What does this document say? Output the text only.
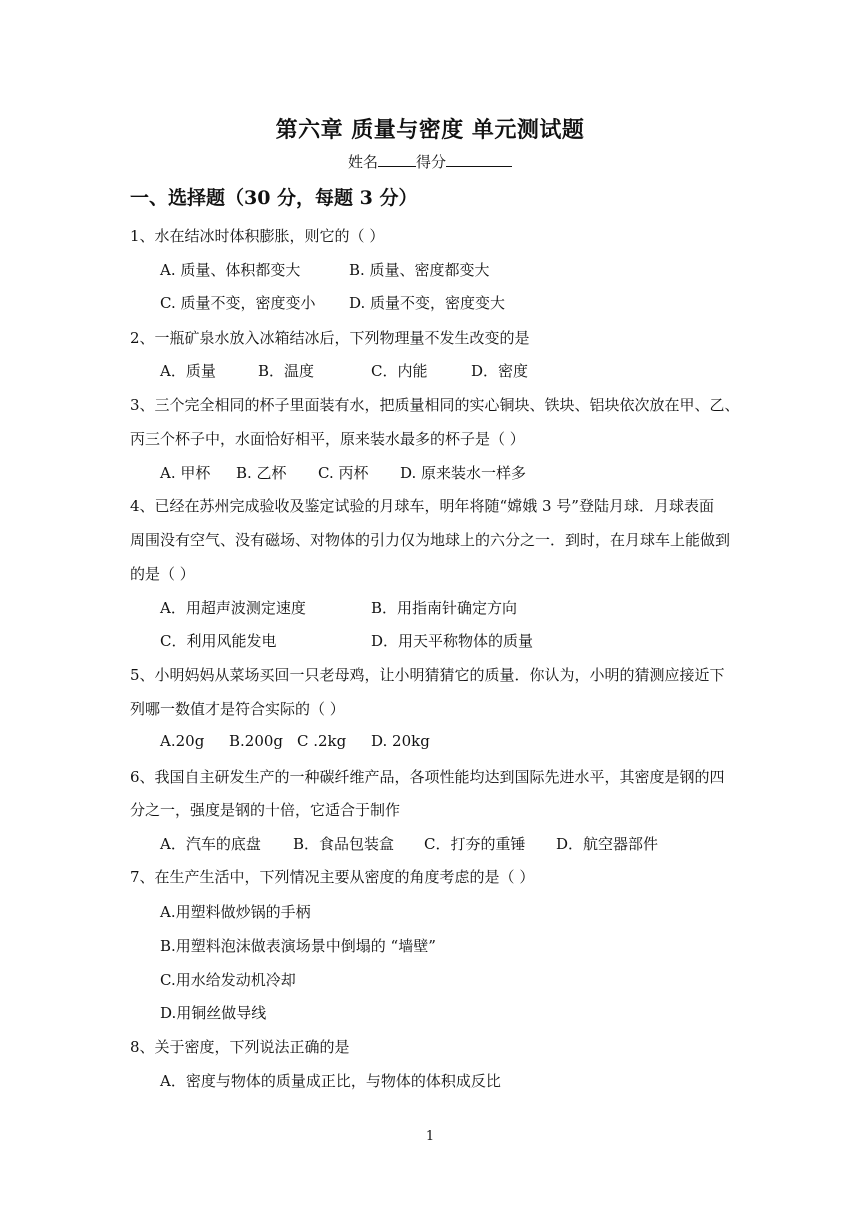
第六章 质量与密度 单元测试题
姓名	得分
一、选择题（30 分，每题 3 分）
1、水在结冰时体积膨胀，则它的（ ）
A. 质量、体积都变大	B. 质量、密度都变大
C. 质量不变，密度变小 D. 质量不变，密度变大
2、一瓶矿泉水放入冰箱结冰后，下列物理量不发生改变的是
A．质量	B．温度	C．内能	D．密度
3、三个完全相同的杯子里面装有水，把质量相同的实心铜块、铁块、铝块依次放在甲、乙、
丙三个杯子中，水面恰好相平，原来装水最多的杯子是（ ）
A. 甲杯 B. 乙杯 C. 丙杯 D. 原来装水一样多
4、已经在苏州完成验收及鉴定试验的月球车，明年将随“嫦娥 3 号”登陆月球．月球表面
周围没有空气、没有磁场、对物体的引力仅为地球上的六分之一．到时，在月球车上能做到
的是（ ）
A．用超声波测定速度	B．用指南针确定方向
C．利用风能发电	D．用天平称物体的质量
5、小明妈妈从菜场买回一只老母鸡，让小明猜猜它的质量．你认为，小明的猜测应接近下
列哪一数值才是符合实际的（ ）
A.20g B.200g C .2kg D. 20kg
6、我国自主研发生产的一种碳纤维产品，各项性能均达到国际先进水平，其密度是钢的四
分之一，强度是钢的十倍，它适合于制作
A．汽车的底盘 B．食品包装盒 C．打夯的重锤 D．航空器部件
7、在生产生活中，下列情况主要从密度的角度考虑的是（ ）
A.用塑料做炒锅的手柄
B.用塑料泡沫做表演场景中倒塌的 “墙壁”
C.用水给发动机冷却
D.用铜丝做导线
8、关于密度，下列说法正确的是
A．密度与物体的质量成正比，与物体的体积成反比
1
